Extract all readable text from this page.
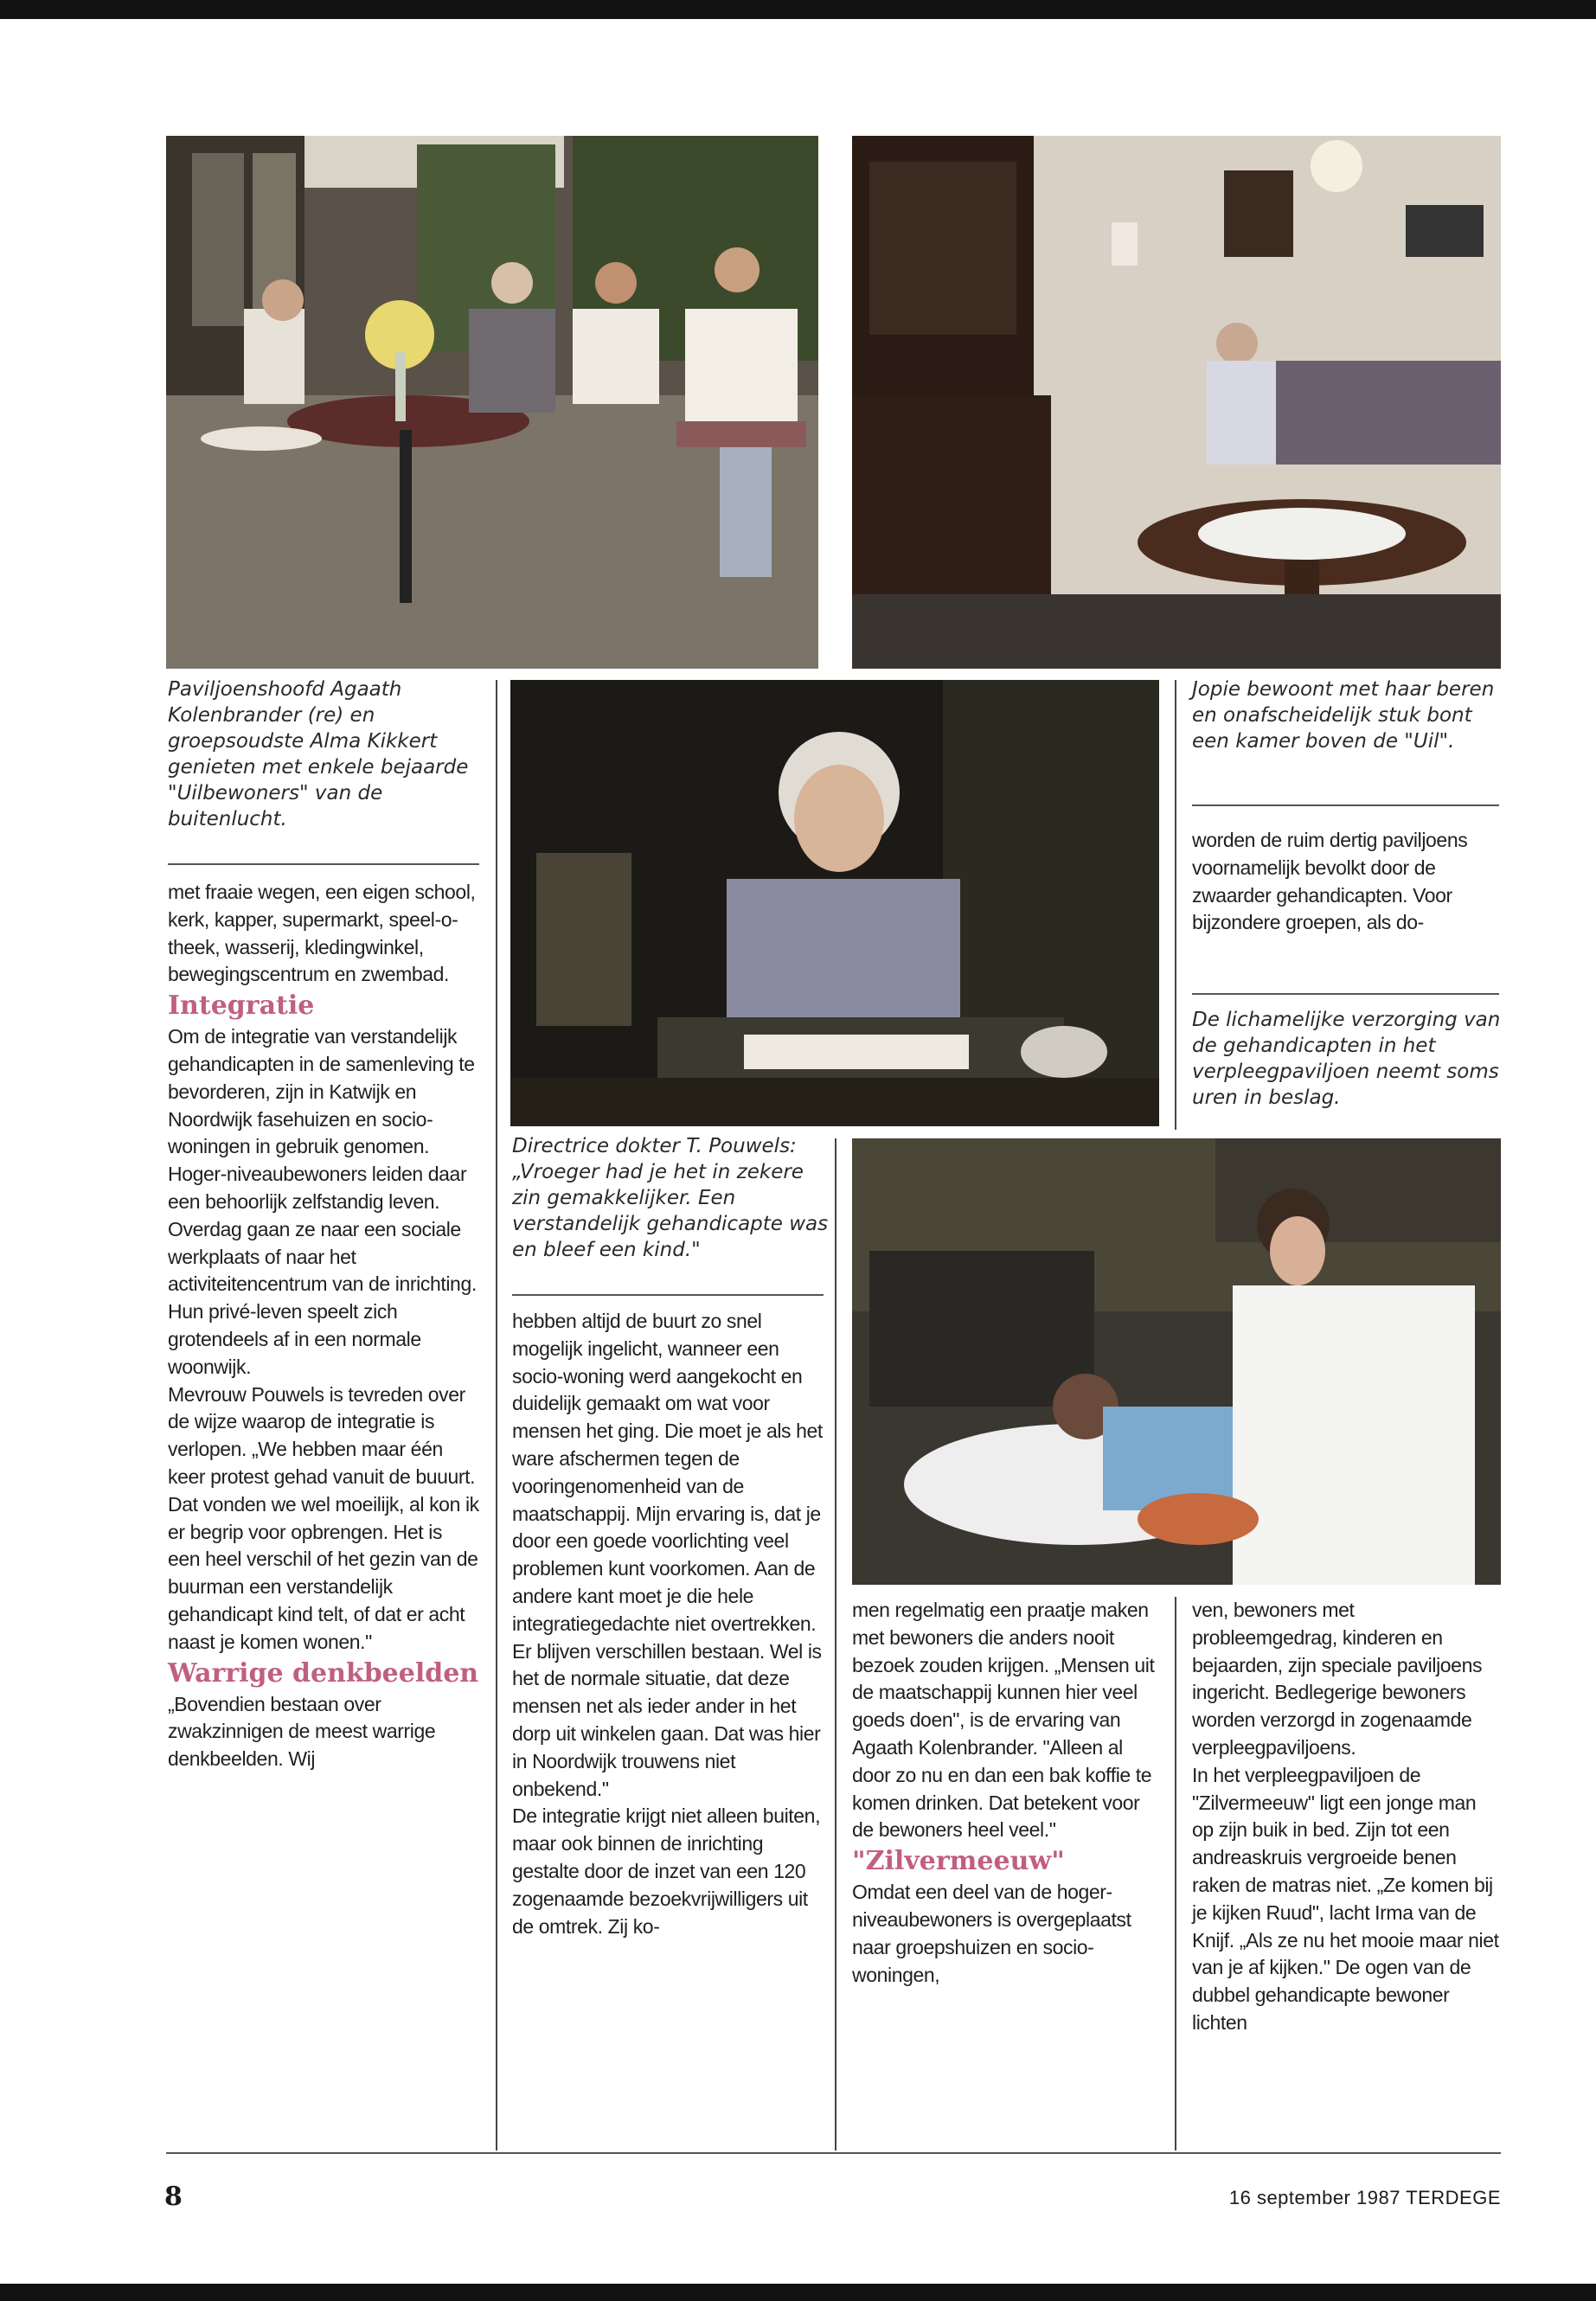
Paviljoenshoofd Agaath Kolenbrander (re) en groepsoudste Alma Kikkert genieten met enkele bejaarde "Uilbewoners" van de buitenlucht.

Jopie bewoont met haar beren en onafscheidelijk stuk bont een kamer boven de "Uil".

Directrice dokter T. Pouwels:„Vroeger had je het in zekere zin gemakkelijker. Een verstandelijk gehandicapte was en bleef een kind."

De lichamelijke verzorging van de gehandicapten in het verpleegpaviljoen neemt soms uren in beslag.

met fraaie wegen, een eigen school, kerk, kapper, supermarkt, speel-o-theek, wasserij, kledingwinkel, bewegingscentrum en zwembad.

Integratie

Om de integratie van verstandelijk gehandicapten in de samenleving te bevorderen, zijn in Katwijk en Noordwijk fasehuizen en socio-woningen in gebruik genomen. Hoger-niveaubewoners leiden daar een behoorlijk zelfstandig leven. Overdag gaan ze naar een sociale werkplaats of naar het activiteitencentrum van de inrichting. Hun privé-leven speelt zich grotendeels af in een normale woonwijk.

Mevrouw Pouwels is tevreden over de wijze waarop de integratie is verlopen. „We hebben maar één keer protest gehad vanuit de buuurt. Dat vonden we wel moeilijk, al kon ik er begrip voor opbrengen. Het is een heel verschil of het gezin van de buurman een verstandelijk gehandicapt kind telt, of dat er acht naast je komen wonen."

Warrige denkbeelden

„Bovendien bestaan over zwakzinnigen de meest warrige denkbeelden. Wij

hebben altijd de buurt zo snel mogelijk ingelicht, wanneer een socio-woning werd aangekocht en duidelijk gemaakt om wat voor mensen het ging. Die moet je als het ware afschermen tegen de vooringenomenheid van de maatschappij. Mijn ervaring is, dat je door een goede voorlichting veel problemen kunt voorkomen. Aan de andere kant moet je die hele integratiegedachte niet overtrekken. Er blijven verschillen bestaan. Wel is het de normale situatie, dat deze mensen net als ieder ander in het dorp uit winkelen gaan. Dat was hier in Noordwijk trouwens niet onbekend."

De integratie krijgt niet alleen buiten, maar ook binnen de inrichting gestalte door de inzet van een 120 zogenaamde bezoekvrijwilligers uit de omtrek. Zij ko-

men regelmatig een praatje maken met bewoners die anders nooit bezoek zouden krijgen. „Mensen uit de maatschappij kunnen hier veel goeds doen", is de ervaring van Agaath Kolenbrander. "Alleen al door zo nu en dan een bak koffie te komen drinken. Dat betekent voor de bewoners heel veel."

"Zilvermeeuw"

Omdat een deel van de hoger-niveaubewoners is overgeplaatst naar groepshuizen en socio-woningen,

worden de ruim dertig paviljoens voornamelijk bevolkt door de zwaarder gehandicapten. Voor bijzondere groepen, als do-

ven, bewoners met probleemgedrag, kinderen en bejaarden, zijn speciale paviljoens ingericht. Bedlegerige bewoners worden verzorgd in zogenaamde verpleegpaviljoens.

In het verpleegpaviljoen de "Zilvermeeuw" ligt een jonge man op zijn buik in bed. Zijn tot een andreaskruis vergroeide benen raken de matras niet. „Ze komen bij je kijken Ruud", lacht Irma van de Knijf. „Als ze nu het mooie maar niet van je af kijken." De ogen van de dubbel gehandicapte bewoner lichten

8	16 september 1987 TERDEGE
